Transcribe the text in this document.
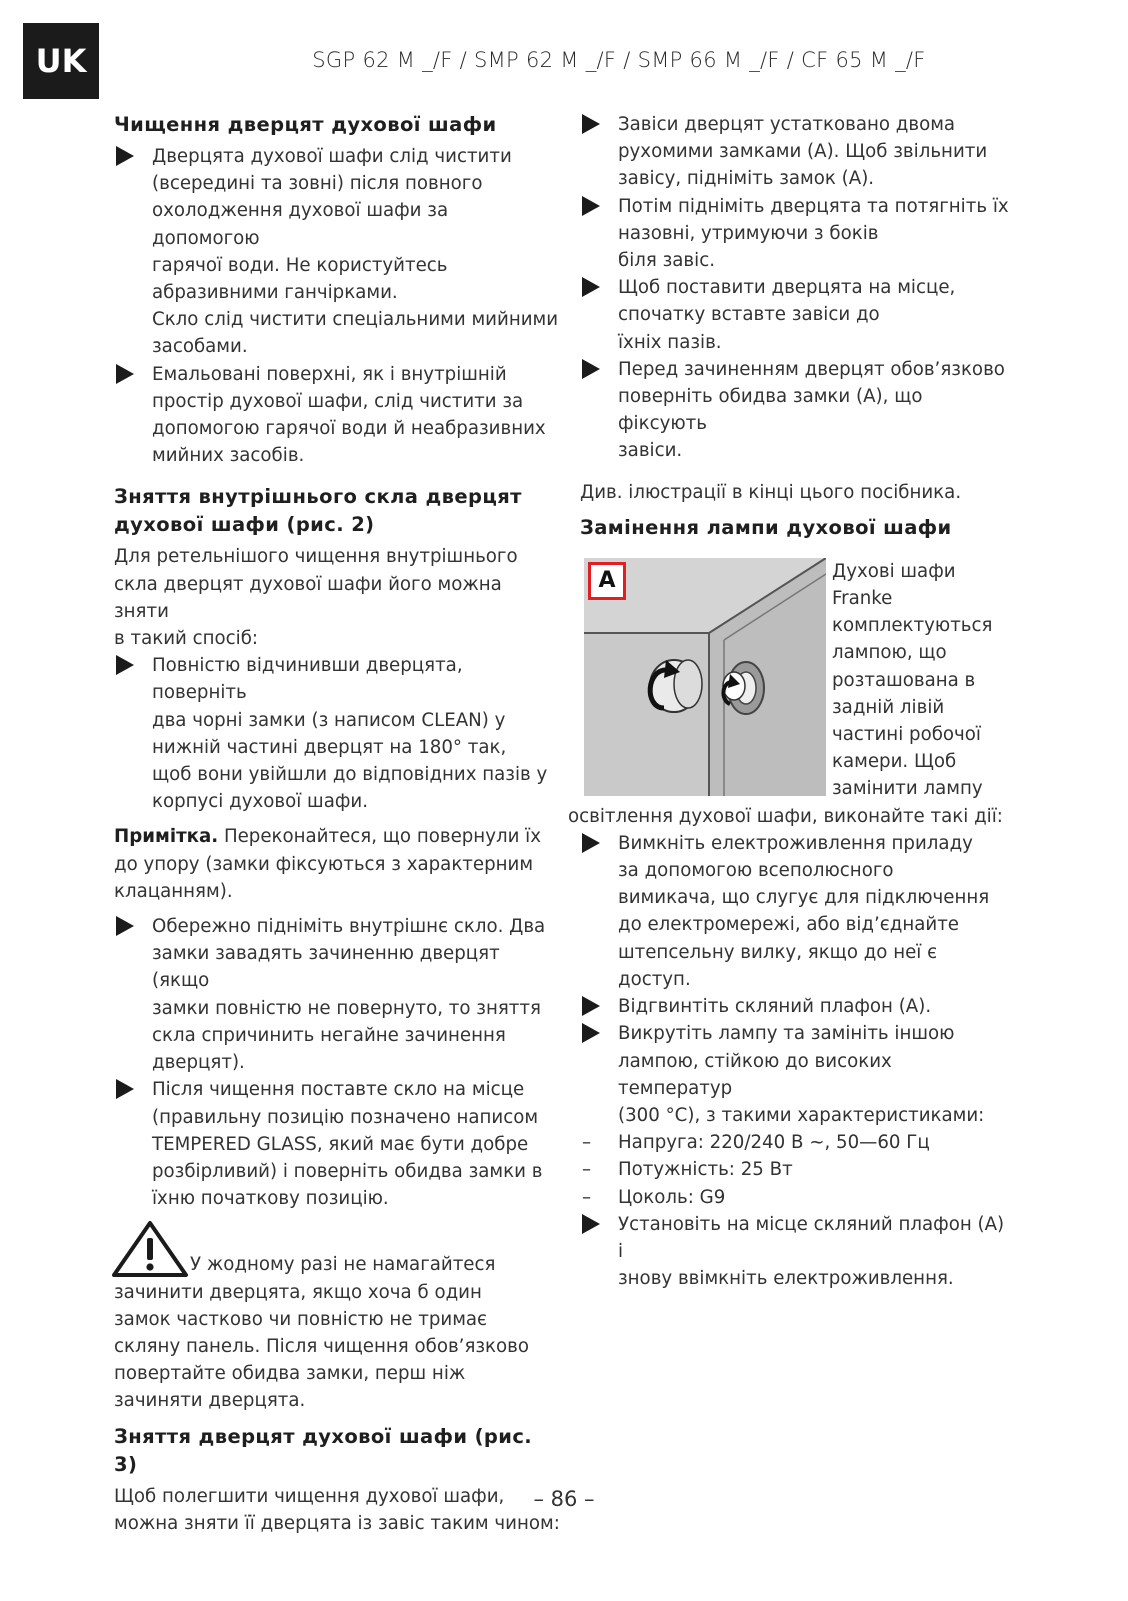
UK	SGP 62 M _/F / SMP 62 M _/F / SMP 66 M _/F / CF 65 M _/F
Чищення дверцят духової шафи
Дверцята духової шафи слід чистити
(всередині та зовні) після повного
охолодження духової шафи за допомогою
гарячої води. Не користуйтесь
абразивними ганчірками.
Скло слід чистити спеціальними мийними
засобами.
Емальовані поверхні, як і внутрішній
простір духової шафи, слід чистити за
допомогою гарячої води й неабразивних
мийних засобів.
Зняття внутрішнього скла дверцят
духової шафи (рис. 2)

Для ретельнішого чищення внутрішнього
скла дверцят духової шафи його можна зняти
в такий спосіб:

Повністю відчинивши дверцята, поверніть
два чорні замки (з написом CLEAN) у
нижній частині дверцят на 180° так,
щоб вони увійшли до відповідних пазів у
корпусі духової шафи.

Примітка. Переконайтеся, що повернули їх
до упору (замки фіксуються з характерним
клацанням).

Обережно підніміть внутрішнє скло. Два
замки завадять зачиненню дверцят (якщо
замки повністю не повернуто, то зняття
скла спричинить негайне зачинення
дверцят).
Після чищення поставте скло на місце
(правильну позицію позначено написом
TEMPERED GLASS, який має бути добре
розбірливий) і поверніть обидва замки в
їхню початкову позицію.
У жодному разі не намагайтеся
зачинити дверцята, якщо хоча б один
замок частково чи повністю не тримає
скляну панель. Після чищення обов’язково
повертайте обидва замки, перш ніж
зачиняти дверцята.
Зняття дверцят духової шафи (рис. 3)

Щоб полегшити чищення духової шафи,
можна зняти її дверцята із завіс таким чином:

Завіси дверцят устатковано двома
рухомими замками (A). Щоб звільнити
завісу, підніміть замок (A).
Потім підніміть дверцята та потягніть їх
назовні, утримуючи з боків
біля завіс.
Щоб поставити дверцята на місце,
спочатку вставте завіси до
їхніх пазів.
Перед зачиненням дверцят обов’язково
поверніть обидва замки (A), що фіксують
завіси.

Див. ілюстрації в кінці цього посібника.

Замінення лампи духової шафи
A	Духові шафи
Franke
комплектуються
лампою, що
розташована в
задній лівій
частині робочої
камери. Щоб
замінити лампу
освітлення духової шафи, виконайте такі дії:
Вимкніть електроживлення приладу
за допомогою всеполюсного
вимикача, що слугує для підключення
до електромережі, або від’єднайте
штепсельну вилку, якщо до неї є доступ.
Відгвинтіть скляний плафон (A).
Викрутіть лампу та замініть іншою
лампою, стійкою до високих температур
(300 °C), з такими характеристиками:
– Напруга: 220/240 В ~, 50—60 Гц
– Потужність: 25 Вт
– Цоколь: G9
Установіть на місце скляний плафон (A) і
знову ввімкніть електроживлення.
– 86 –
